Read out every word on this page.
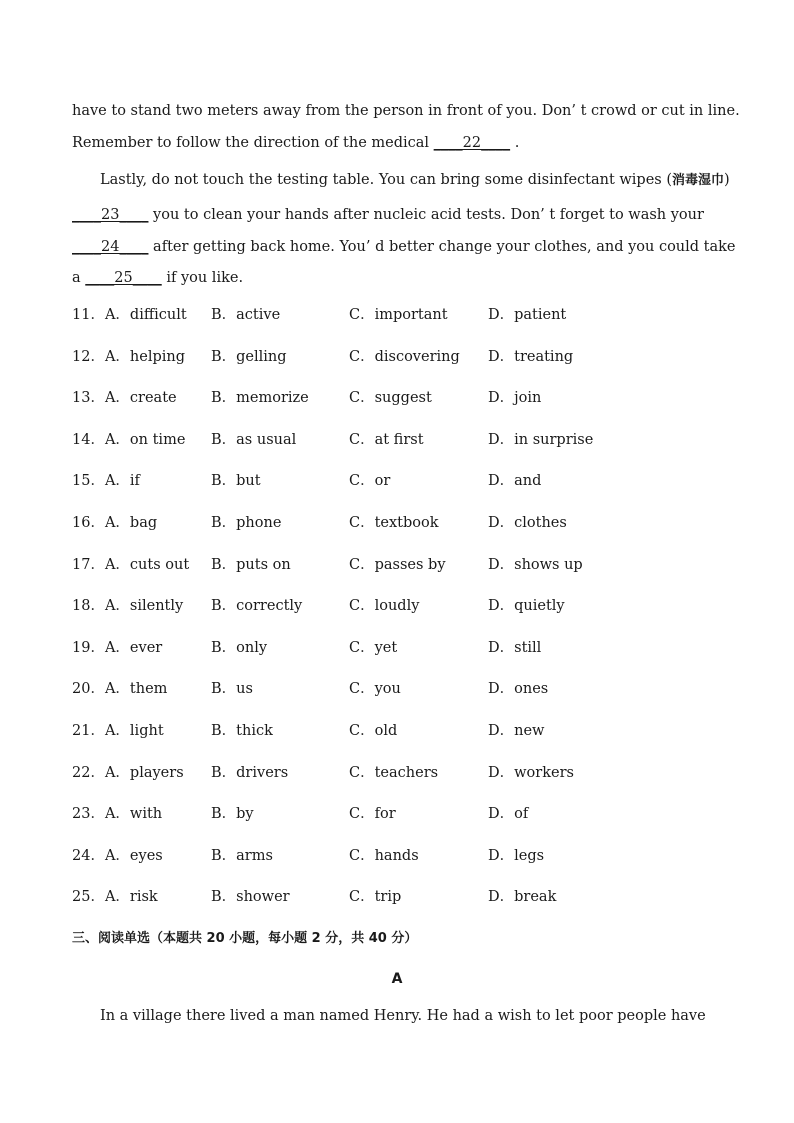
have to stand two meters away from the person in front of you. Don’ t crowd or cut in line.
Remember to follow the direction of the medical ____22____ .
Lastly, do not touch the testing table. You can bring some disinfectant wipes (消毒湿巾)
____23____ you to clean your hands after nucleic acid tests. Don’ t forget to wash your
____24____ after getting back home. You’ d better change your clothes, and you could take
a ____25____ if you like.
11．A．difficult B．active	C．important	D．patient
12．A．helping B．gelling	C．discovering D．treating
13．A．create B．memorize	C．suggest	D．join
14．A．on time B．as usual	C．at first	D．in surprise
15．A．if	B．but	C．or	D．and
16．A．bag	B．phone	C．textbook	D．clothes
17．A．cuts out B．puts on	C．passes by	D．shows up
18．A．silently B．correctly	C．loudly	D．quietly
19．A．ever	B．only	C．yet	D．still
20．A．them	B．us	C．you	D．ones
21．A．light	B．thick	C．old	D．new
22．A．players B．drivers	C．teachers	D．workers
23．A．with	B．by	C．for	D．of
24．A．eyes	B．arms	C．hands	D．legs
25．A．risk	B．shower	C．trip	D．break
三、阅读单选（本题共 20 小题，每小题 2 分，共 40 分）
A
In a village there lived a man named Henry. He had a wish to let poor people have
